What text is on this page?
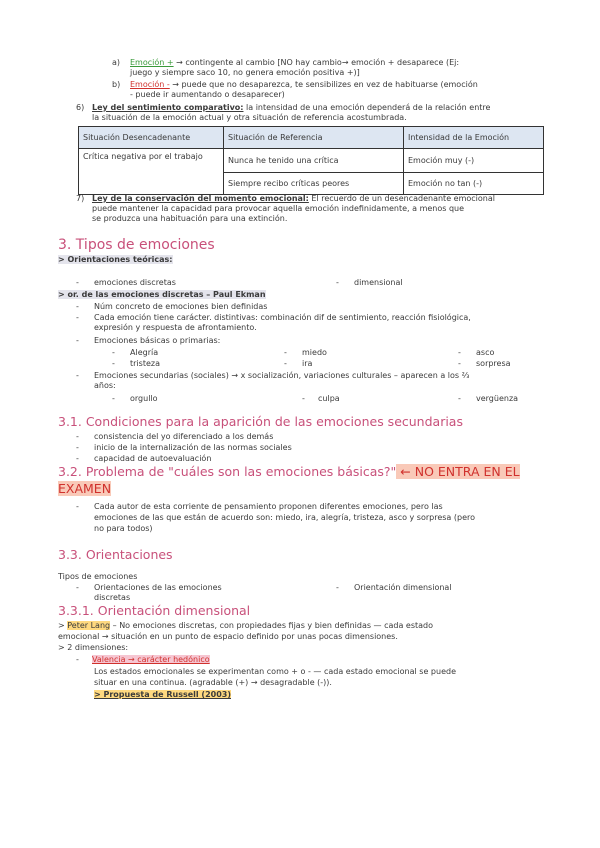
a) Emoción + → contingente al cambio [NO hay cambio→ emoción + desaparece (Ej:
juego y siempre saco 10, no genera emoción positiva +)]
b) Emoción - → puede que no desaparezca, te sensibilizes en vez de habituarse (emoción
- puede ir aumentando o desaparecer)
6) Ley del sentimiento comparativo: la intensidad de una emoción dependerá de la relación entre
la situación de la emoción actual y otra situación de referencia acostumbrada.
Situación Desencadenante	Situación de Referencia	Intensidad de la Emoción
Crítica negativa por el trabajo	Nunca he tenido una crítica	Emoción muy (-)
	Siempre recibo críticas peores	Emoción no tan (-)
7) Ley de la conservación del momento emocional: El recuerdo de un desencadenante emocional
puede mantener la capacidad para provocar aquella emoción indefinidamente, a menos que
se produzca una habituación para una extinción.
3. Tipos de emociones
> Orientaciones teóricas:
- emociones discretas	- dimensional
> or. de las emociones discretas – Paul Ekman
- Núm concreto de emociones bien definidas
- Cada emoción tiene carácter. distintivas: combinación dif de sentimiento, reacción fisiológica,
expresión y respuesta de afrontamiento.
- Emociones básicas o primarias:
- Alegría	- miedo	- asco
- tristeza	- ira	- sorpresa
- Emociones secundarias (sociales) → x socialización, variaciones culturales – aparecen a los ⅔
años:
- orgullo	- culpa	- vergüenza
3.1. Condiciones para la aparición de las emociones secundarias
- consistencia del yo diferenciado a los demás
- inicio de la internalización de las normas sociales
- capacidad de autoevaluación
3.2. Problema de "cuáles son las emociones básicas?" ← NO ENTRA EN EL
EXAMEN
- Cada autor de esta corriente de pensamiento proponen diferentes emociones, pero las
emociones de las que están de acuerdo son: miedo, ira, alegría, tristeza, asco y sorpresa (pero
no para todos)
3.3. Orientaciones
Tipos de emociones
- Orientaciones de las emociones
discretas
- Orientación dimensional
3.3.1. Orientación dimensional
> Peter Lang – No emociones discretas, con propiedades fijas y bien definidas — cada estado
emocional → situación en un punto de espacio definido por unas pocas dimensiones.
> 2 dimensiones:
- Valencia → carácter hedónico
Los estados emocionales se experimentan como + o - — cada estado emocional se puede
situar en una continua. (agradable (+) → desagradable (-)).
> Propuesta de Russell (2003)
